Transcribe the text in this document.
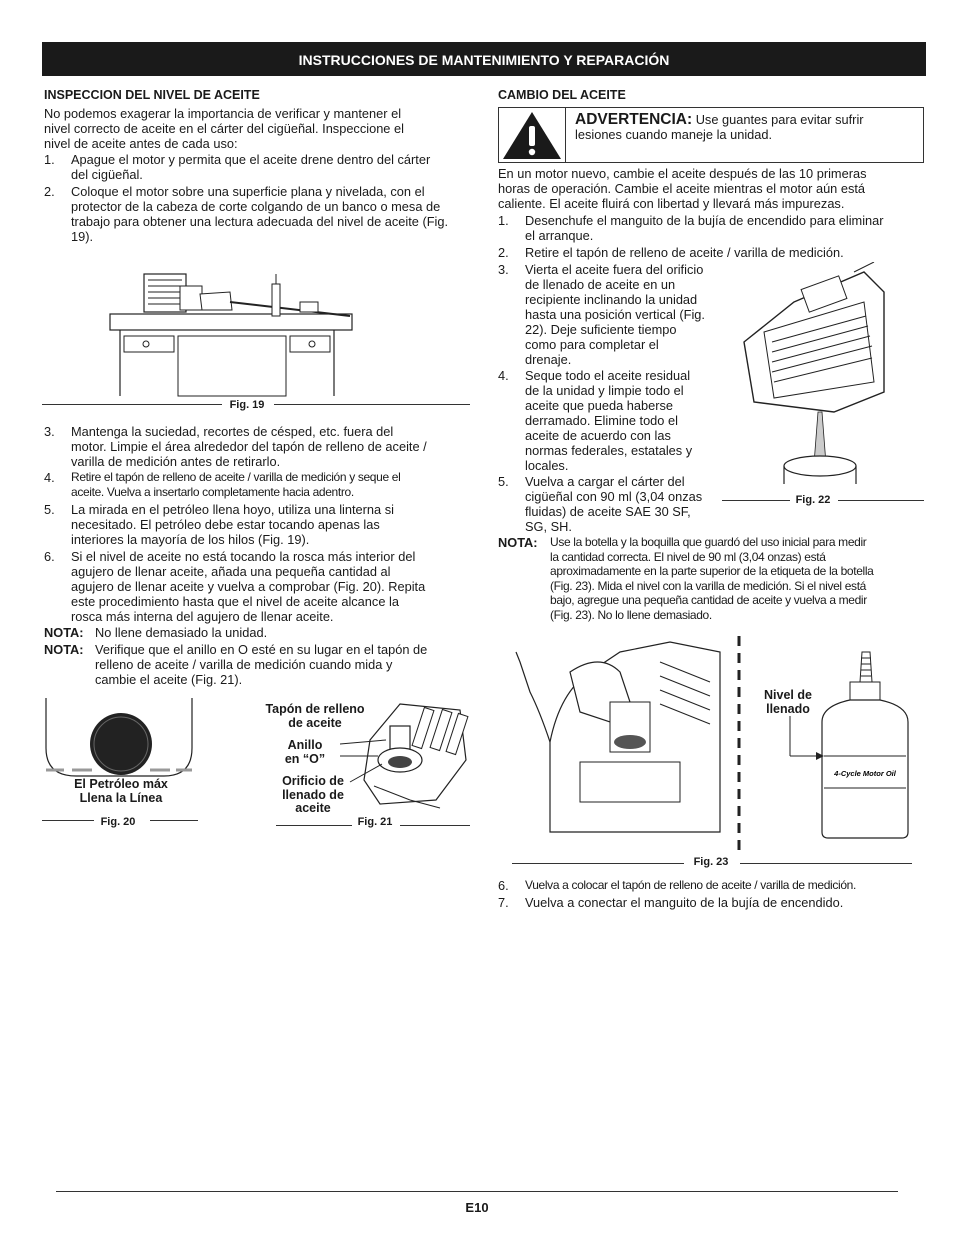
INSTRUCCIONES DE MANTENIMIENTO Y REPARACIÓN
INSPECCION DEL NIVEL DE ACEITE
No podemos exagerar la importancia de verificar y mantener el
nivel correcto de aceite en el cárter del cigüeñal. Inspeccione el
nivel de aceite antes de cada uso:
1. Apague el motor y permita que el aceite drene dentro del cárter
del cigüeñal.
2. Coloque el motor sobre una superficie plana y nivelada, con el
protector de la cabeza de corte colgando de un banco o mesa de
trabajo para obtener una lectura adecuada del nivel de aceite (Fig.
19).
Fig. 19
3. Mantenga la suciedad, recortes de césped, etc. fuera del
motor. Limpie el área alrededor del tapón de relleno de aceite /
varilla de medición antes de retirarlo.
4. Retire el tapón de relleno de aceite / varilla de medición y seque el
aceite. Vuelva a insertarlo completamente hacia adentro.
5. La mirada en el petróleo llena hoyo, utiliza una linterna si
necesitado. El petróleo debe estar tocando apenas las
interiores la mayoría de los hilos (Fig. 19).
6. Si el nivel de aceite no está tocando la rosca más interior del
agujero de llenar aceite, añada una pequeña cantidad al
agujero de llenar aceite y vuelva a comprobar (Fig. 20). Repita
este procedimiento hasta que el nivel de aceite alcance la
rosca más interna del agujero de llenar aceite.
NOTA: No llene demasiado la unidad.
NOTA: Verifique que el anillo en O esté en su lugar en el tapón de
relleno de aceite / varilla de medición cuando mida y
cambie el aceite (Fig. 21).
El Petróleo máx
Llena la Línea
Fig. 20
Tapón de relleno
de aceite
Anillo
en “O”
Orificio de
llenado de
aceite
Fig. 21
CAMBIO DEL ACEITE
ADVERTENCIA: Use guantes para evitar sufrir
lesiones cuando maneje la unidad.
En un motor nuevo, cambie el aceite después de las 10 primeras
horas de operación. Cambie el aceite mientras el motor aún está
caliente. El aceite fluirá con libertad y llevará más impurezas.
1. Desenchufe el manguito de la bujía de encendido para eliminar
el arranque.
2. Retire el tapón de relleno de aceite / varilla de medición.
3. Vierta el aceite fuera del orificio
de llenado de aceite en un
recipiente inclinando la unidad
hasta una posición vertical (Fig.
22). Deje suficiente tiempo
como para completar el
drenaje.
4. Seque todo el aceite residual
de la unidad y limpie todo el
aceite que pueda haberse
derramado. Elimine todo el
aceite de acuerdo con las
normas federales, estatales y
locales.
5. Vuelva a cargar el cárter del
cigüeñal con 90 ml (3,04 onzas
fluidas) de aceite SAE 30 SF,
SG, SH.
Fig. 22
NOTA: Use la botella y la boquilla que guardó del uso inicial para medir
la cantidad correcta. El nivel de 90 ml (3,04 onzas) está
aproximadamente en la parte superior de la etiqueta de la botella
(Fig. 23). Mida el nivel con la varilla de medición. Si el nivel está
bajo, agregue una pequeña cantidad de aceite y vuelva a medir
(Fig. 23). No lo llene demasiado.
4-Cycle Motor Oil
Nivel de
llenado
Fig. 23
6. Vuelva a colocar el tapón de relleno de aceite / varilla de medición.
7. Vuelva a conectar el manguito de la bujía de encendido.
E10
